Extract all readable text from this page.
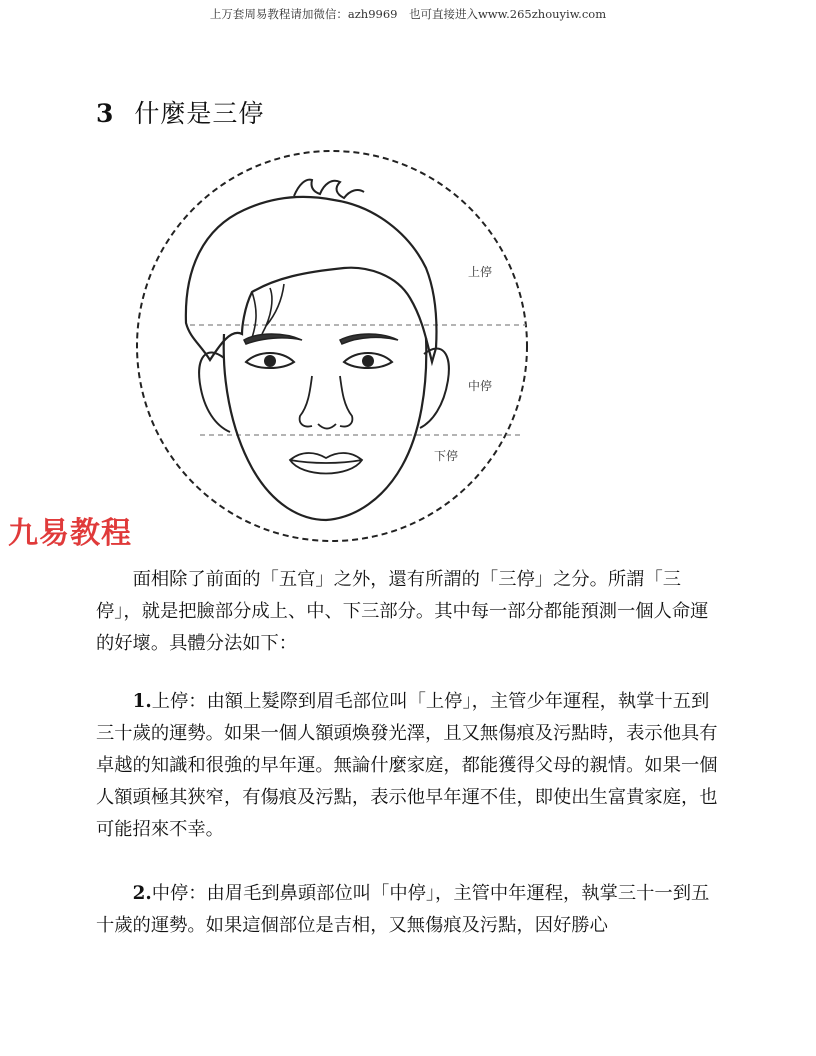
上万套周易教程请加微信：azh9969　也可直接进入www.265zhouyiw.com
3 什麼是三停
上停
中停
下停
九易教程

面相除了前面的「五官」之外，還有所謂的「三停」之分。所謂「三停」，就是把臉部分成上、中、下三部分。其中每一部分都能預測一個人命運的好壞。具體分法如下：

1.上停：由額上髮際到眉毛部位叫「上停」，主管少年運程，執掌十五到三十歲的運勢。如果一個人額頭煥發光澤，且又無傷痕及污點時，表示他具有卓越的知識和很強的早年運。無論什麼家庭，都能獲得父母的親情。如果一個人額頭極其狹窄，有傷痕及污點，表示他早年運不佳，即使出生富貴家庭，也可能招來不幸。

2.中停：由眉毛到鼻頭部位叫「中停」，主管中年運程，執掌三十一到五十歲的運勢。如果這個部位是吉相，又無傷痕及污點，因好勝心
